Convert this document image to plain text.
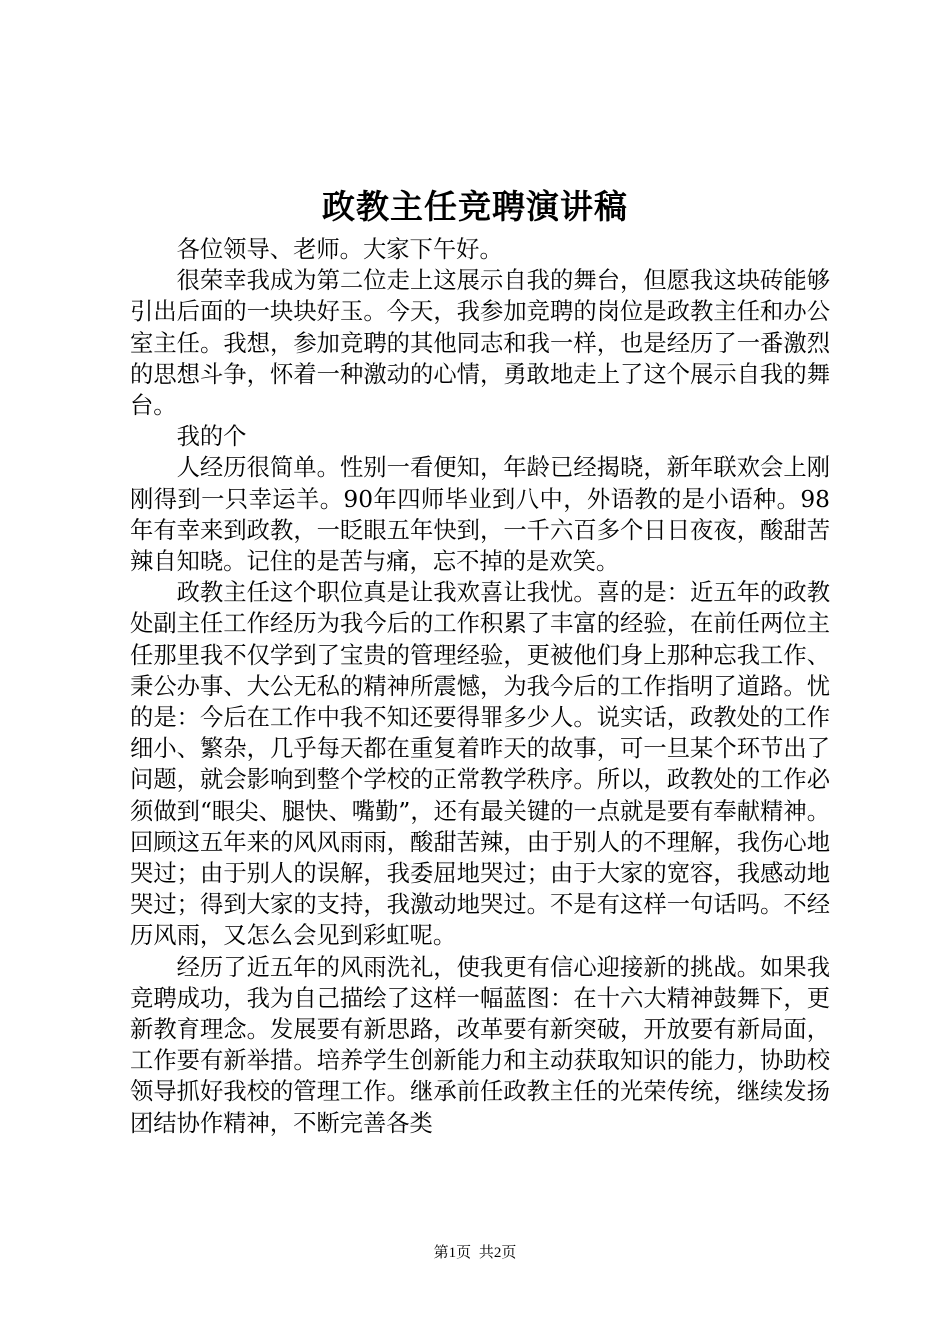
政教主任竞聘演讲稿

各位领导、老师。大家下午好。

很荣幸我成为第二位走上这展示自我的舞台，但愿我这块砖能够引出后面的一块块好玉。今天，我参加竞聘的岗位是政教主任和办公室主任。我想，参加竞聘的其他同志和我一样，也是经历了一番激烈的思想斗争，怀着一种激动的心情，勇敢地走上了这个展示自我的舞台。

我的个

人经历很简单。性别一看便知，年龄已经揭晓，新年联欢会上刚刚得到一只幸运羊。90年四师毕业到八中，外语教的是小语种。98年有幸来到政教，一眨眼五年快到，一千六百多个日日夜夜，酸甜苦辣自知晓。记住的是苦与痛，忘不掉的是欢笑。

政教主任这个职位真是让我欢喜让我忧。喜的是：近五年的政教处副主任工作经历为我今后的工作积累了丰富的经验，在前任两位主任那里我不仅学到了宝贵的管理经验，更被他们身上那种忘我工作、秉公办事、大公无私的精神所震憾，为我今后的工作指明了道路。忧的是：今后在工作中我不知还要得罪多少人。说实话，政教处的工作细小、繁杂，几乎每天都在重复着昨天的故事，可一旦某个环节出了问题，就会影响到整个学校的正常教学秩序。所以，政教处的工作必须做到“眼尖、腿快、嘴勤”，还有最关键的一点就是要有奉献精神。回顾这五年来的风风雨雨，酸甜苦辣，由于别人的不理解，我伤心地哭过；由于别人的误解，我委屈地哭过；由于大家的宽容，我感动地哭过；得到大家的支持，我激动地哭过。不是有这样一句话吗。不经历风雨，又怎么会见到彩虹呢。

经历了近五年的风雨洗礼，使我更有信心迎接新的挑战。如果我竞聘成功，我为自己描绘了这样一幅蓝图：在十六大精神鼓舞下，更新教育理念。发展要有新思路，改革要有新突破，开放要有新局面，工作要有新举措。培养学生创新能力和主动获取知识的能力，协助校领导抓好我校的管理工作。继承前任政教主任的光荣传统，继续发扬团结协作精神，不断完善各类

第1页 共2页
